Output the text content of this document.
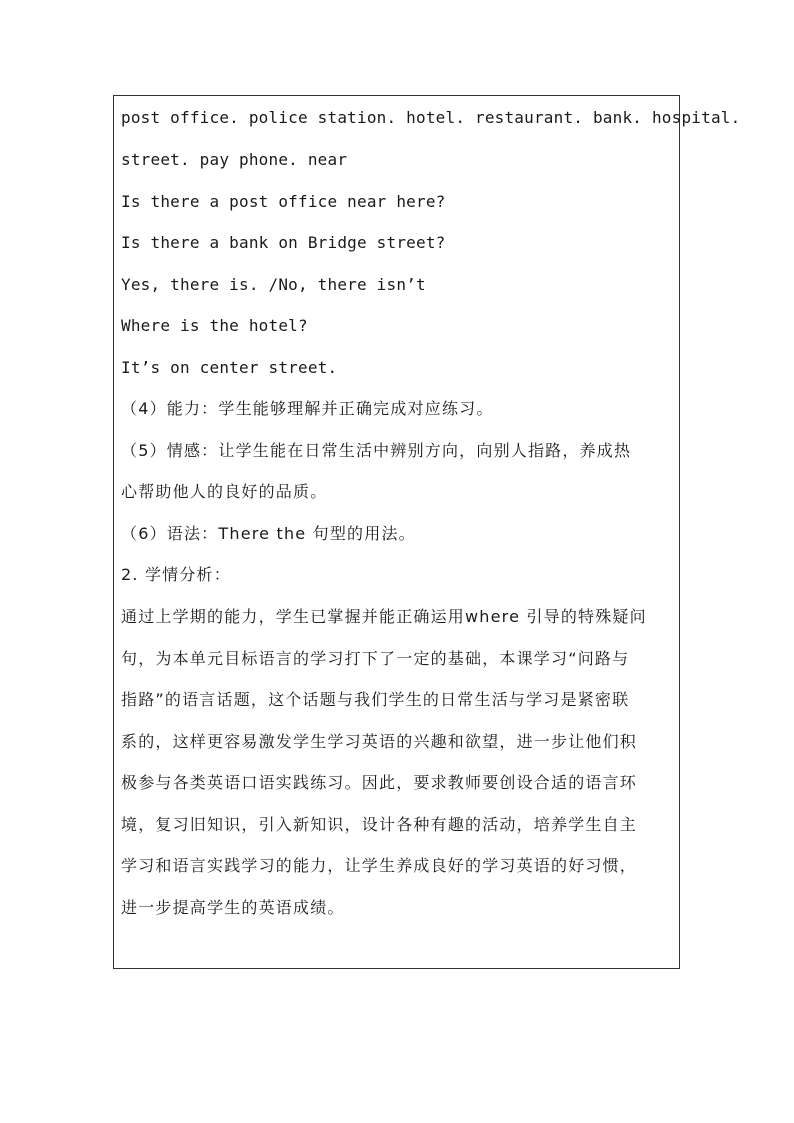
post office. police station. hotel. restaurant. bank. hospital.
street. pay phone. near
Is there a post office near here?
Is there a bank on Bridge street?
Yes, there is. /No, there isn’t
Where is the hotel?
It’s on center street.
（4）能力：学生能够理解并正确完成对应练习。
（5）情感：让学生能在日常生活中辨别方向，向别人指路，养成热
心帮助他人的良好的品质。
（6）语法：There the 句型的用法。
2. 学情分析：
通过上学期的能力，学生已掌握并能正确运用where 引导的特殊疑问
句，为本单元目标语言的学习打下了一定的基础，本课学习“问路与
指路”的语言话题，这个话题与我们学生的日常生活与学习是紧密联
系的，这样更容易激发学生学习英语的兴趣和欲望，进一步让他们积
极参与各类英语口语实践练习。因此，要求教师要创设合适的语言环
境，复习旧知识，引入新知识，设计各种有趣的活动，培养学生自主
学习和语言实践学习的能力，让学生养成良好的学习英语的好习惯，
进一步提高学生的英语成绩。
